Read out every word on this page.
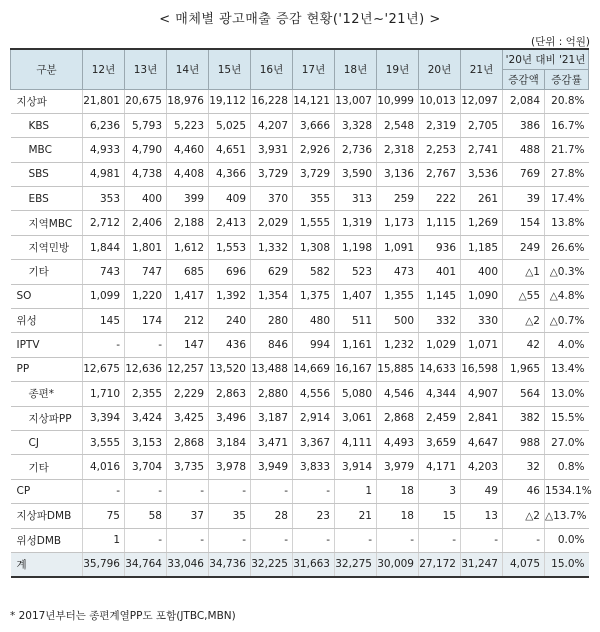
< 매체별 광고매출 증감 현황('12년~'21년) >
(단위 : 억원)
구분	12년	13년	14년	15년	16년	17년	18년	19년	20년	21년	'20년 대비 '21년	
											증감액	증감률
지상파	21,801	20,675	18,976	19,112	16,228	14,121	13,007	10,999	10,013	12,097	2,084	20.8%
KBS	6,236	5,793	5,223	5,025	4,207	3,666	3,328	2,548	2,319	2,705	386	16.7%
MBC	4,933	4,790	4,460	4,651	3,931	2,926	2,736	2,318	2,253	2,741	488	21.7%
SBS	4,981	4,738	4,408	4,366	3,729	3,729	3,590	3,136	2,767	3,536	769	27.8%
EBS	353	400	399	409	370	355	313	259	222	261	39	17.4%
지역MBC	2,712	2,406	2,188	2,413	2,029	1,555	1,319	1,173	1,115	1,269	154	13.8%
지역민방	1,844	1,801	1,612	1,553	1,332	1,308	1,198	1,091	936	1,185	249	26.6%
기타	743	747	685	696	629	582	523	473	401	400	△1	△0.3%
SO	1,099	1,220	1,417	1,392	1,354	1,375	1,407	1,355	1,145	1,090	△55	△4.8%
위성	145	174	212	240	280	480	511	500	332	330	△2	△0.7%
IPTV	-	-	147	436	846	994	1,161	1,232	1,029	1,071	42	4.0%
PP	12,675	12,636	12,257	13,520	13,488	14,669	16,167	15,885	14,633	16,598	1,965	13.4%
종편*	1,710	2,355	2,229	2,863	2,880	4,556	5,080	4,546	4,344	4,907	564	13.0%
지상파PP	3,394	3,424	3,425	3,496	3,187	2,914	3,061	2,868	2,459	2,841	382	15.5%
CJ	3,555	3,153	2,868	3,184	3,471	3,367	4,111	4,493	3,659	4,647	988	27.0%
기타	4,016	3,704	3,735	3,978	3,949	3,833	3,914	3,979	4,171	4,203	32	0.8%
CP	-	-	-	-	-	-	1	18	3	49	46	1534.1%
지상파DMB	75	58	37	35	28	23	21	18	15	13	△2	△13.7%
위성DMB	1	-	-	-	-	-	-	-	-	-	-	0.0%
계	35,796	34,764	33,046	34,736	32,225	31,663	32,275	30,009	27,172	31,247	4,075	15.0%
* 2017년부터는 종편계열PP도 포함(JTBC,MBN)
